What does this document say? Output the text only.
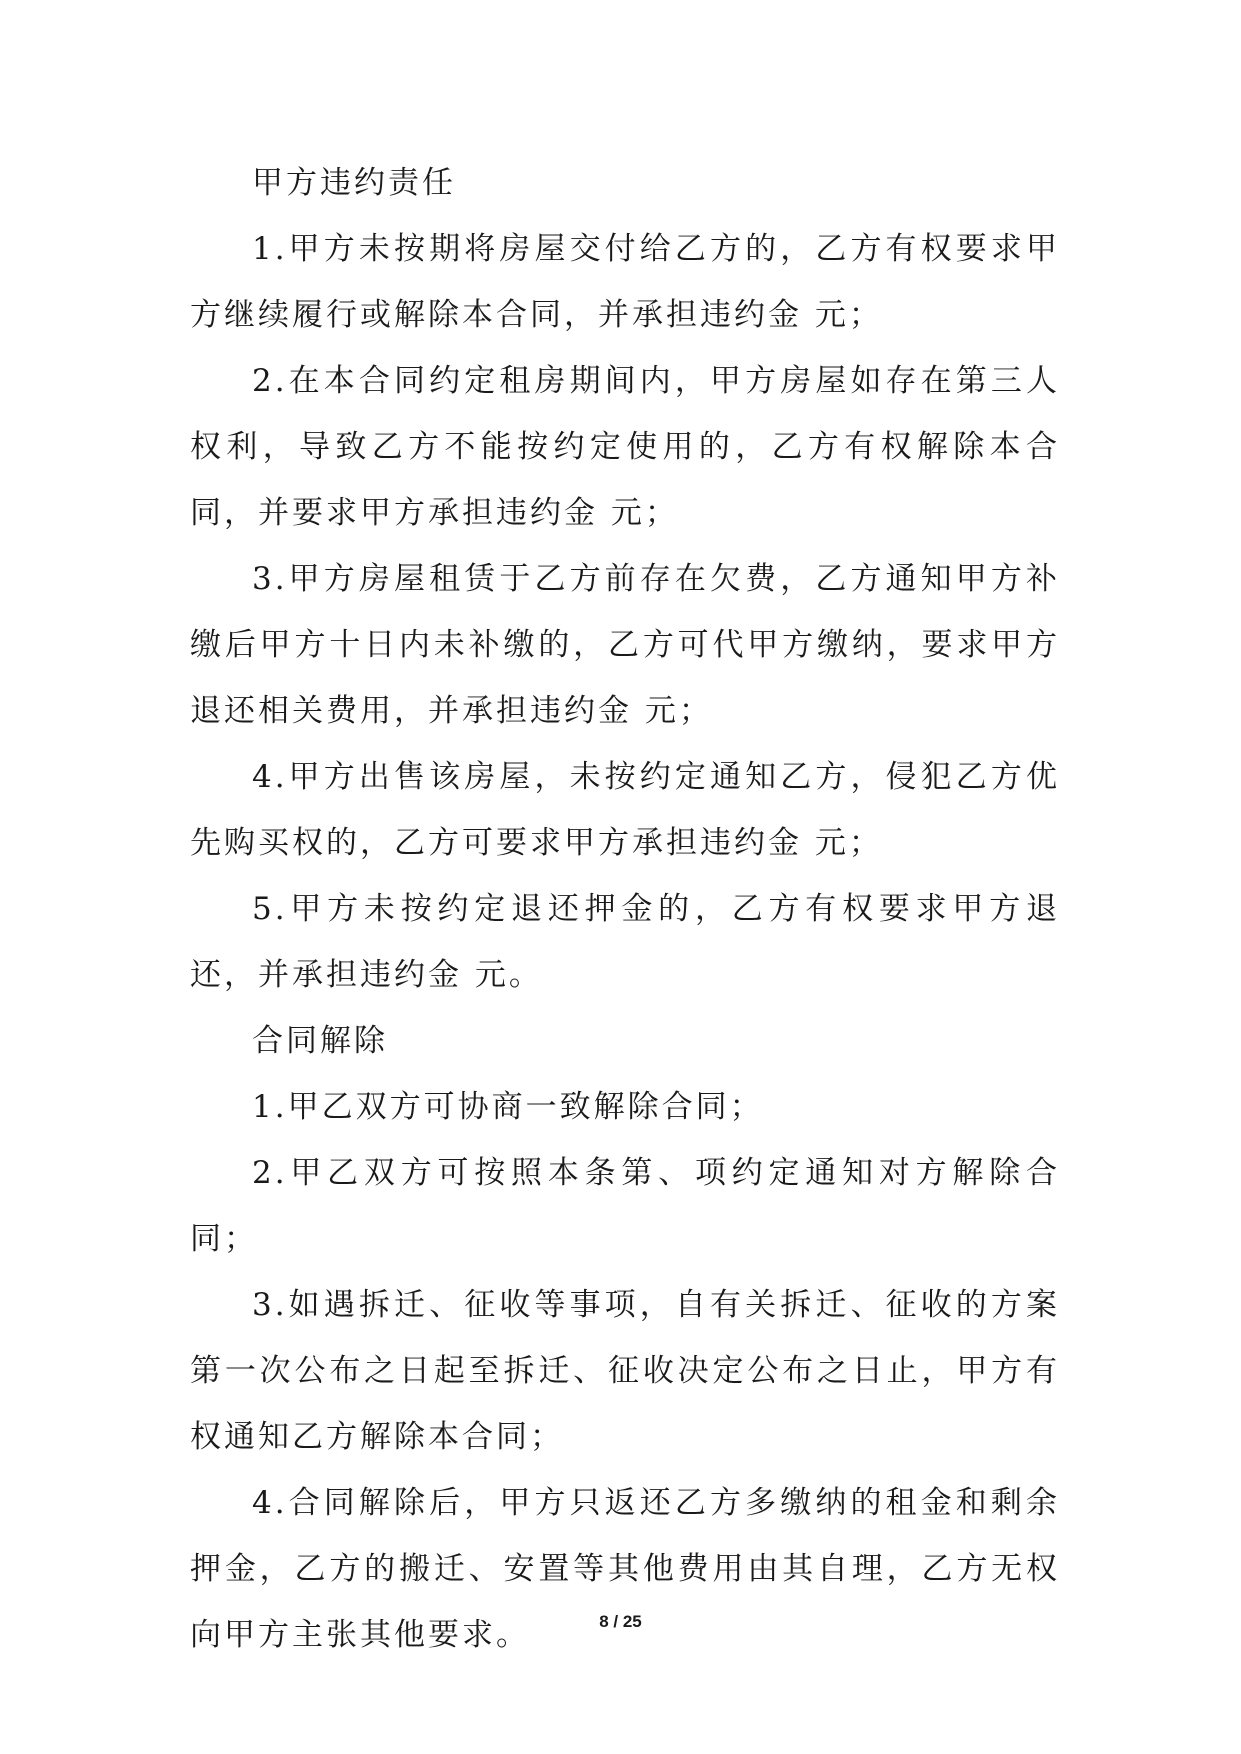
甲方违约责任

1.甲方未按期将房屋交付给乙方的，乙方有权要求甲方继续履行或解除本合同，并承担违约金 元；

2.在本合同约定租房期间内，甲方房屋如存在第三人权利，导致乙方不能按约定使用的，乙方有权解除本合同，并要求甲方承担违约金 元；

3.甲方房屋租赁于乙方前存在欠费，乙方通知甲方补缴后甲方十日内未补缴的，乙方可代甲方缴纳，要求甲方退还相关费用，并承担违约金 元；

4.甲方出售该房屋，未按约定通知乙方，侵犯乙方优先购买权的，乙方可要求甲方承担违约金 元；

5.甲方未按约定退还押金的，乙方有权要求甲方退还，并承担违约金 元。

合同解除

1.甲乙双方可协商一致解除合同；

2.甲乙双方可按照本条第、项约定通知对方解除合同；

3.如遇拆迁、征收等事项，自有关拆迁、征收的方案第一次公布之日起至拆迁、征收决定公布之日止，甲方有权通知乙方解除本合同；

4.合同解除后，甲方只返还乙方多缴纳的租金和剩余押金，乙方的搬迁、安置等其他费用由其自理，乙方无权向甲方主张其他要求。	8 / 25
